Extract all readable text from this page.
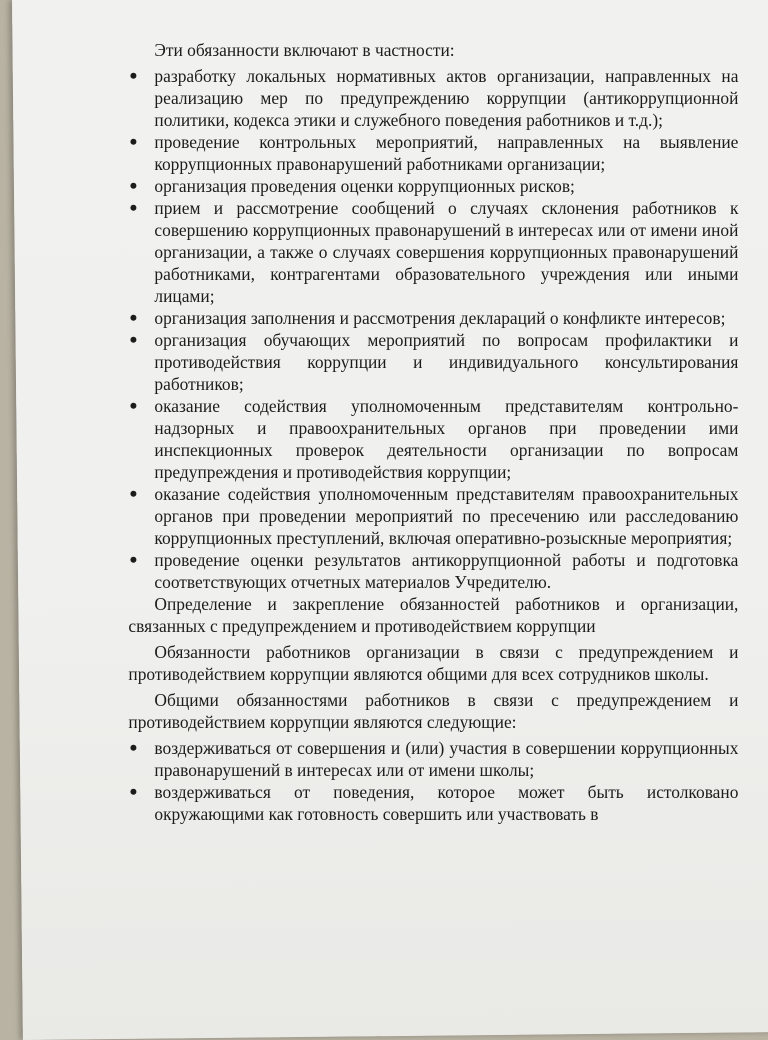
Эти обязанности включают в частности:

разработку локальных нормативных актов организации, направленных на реализацию мер по предупреждению коррупции (антикоррупционной политики, кодекса этики и служебного поведения работников и т.д.);
проведение контрольных мероприятий, направленных на выявление коррупционных правонарушений работниками организации;
организация проведения оценки коррупционных рисков;
прием и рассмотрение сообщений о случаях склонения работников к совершению коррупционных правонарушений в интересах или от имени иной организации, а также о случаях совершения коррупционных правонарушений работниками, контрагентами образовательного учреждения или иными лицами;
организация заполнения и рассмотрения деклараций о конфликте интересов;
организация обучающих мероприятий по вопросам профилактики и противодействия коррупции и индивидуального консультирования работников;
оказание содействия уполномоченным представителям контрольно-надзорных и правоохранительных органов при проведении ими инспекционных проверок деятельности организации по вопросам предупреждения и противодействия коррупции;
оказание содействия уполномоченным представителям правоохранительных органов при проведении мероприятий по пресечению или расследованию коррупционных преступлений, включая оперативно-розыскные мероприятия;
проведение оценки результатов антикоррупционной работы и подготовка соответствующих отчетных материалов Учредителю.

Определение и закрепление обязанностей работников и организации, связанных с предупреждением и противодействием коррупции

Обязанности работников организации в связи с предупреждением и противодействием коррупции являются общими для всех сотрудников школы.

Общими обязанностями работников в связи с предупреждением и противодействием коррупции являются следующие:

воздерживаться от совершения и (или) участия в совершении коррупционных правонарушений в интересах или от имени школы;
воздерживаться от поведения, которое может быть истолковано окружающими как готовность совершить или участвовать в
